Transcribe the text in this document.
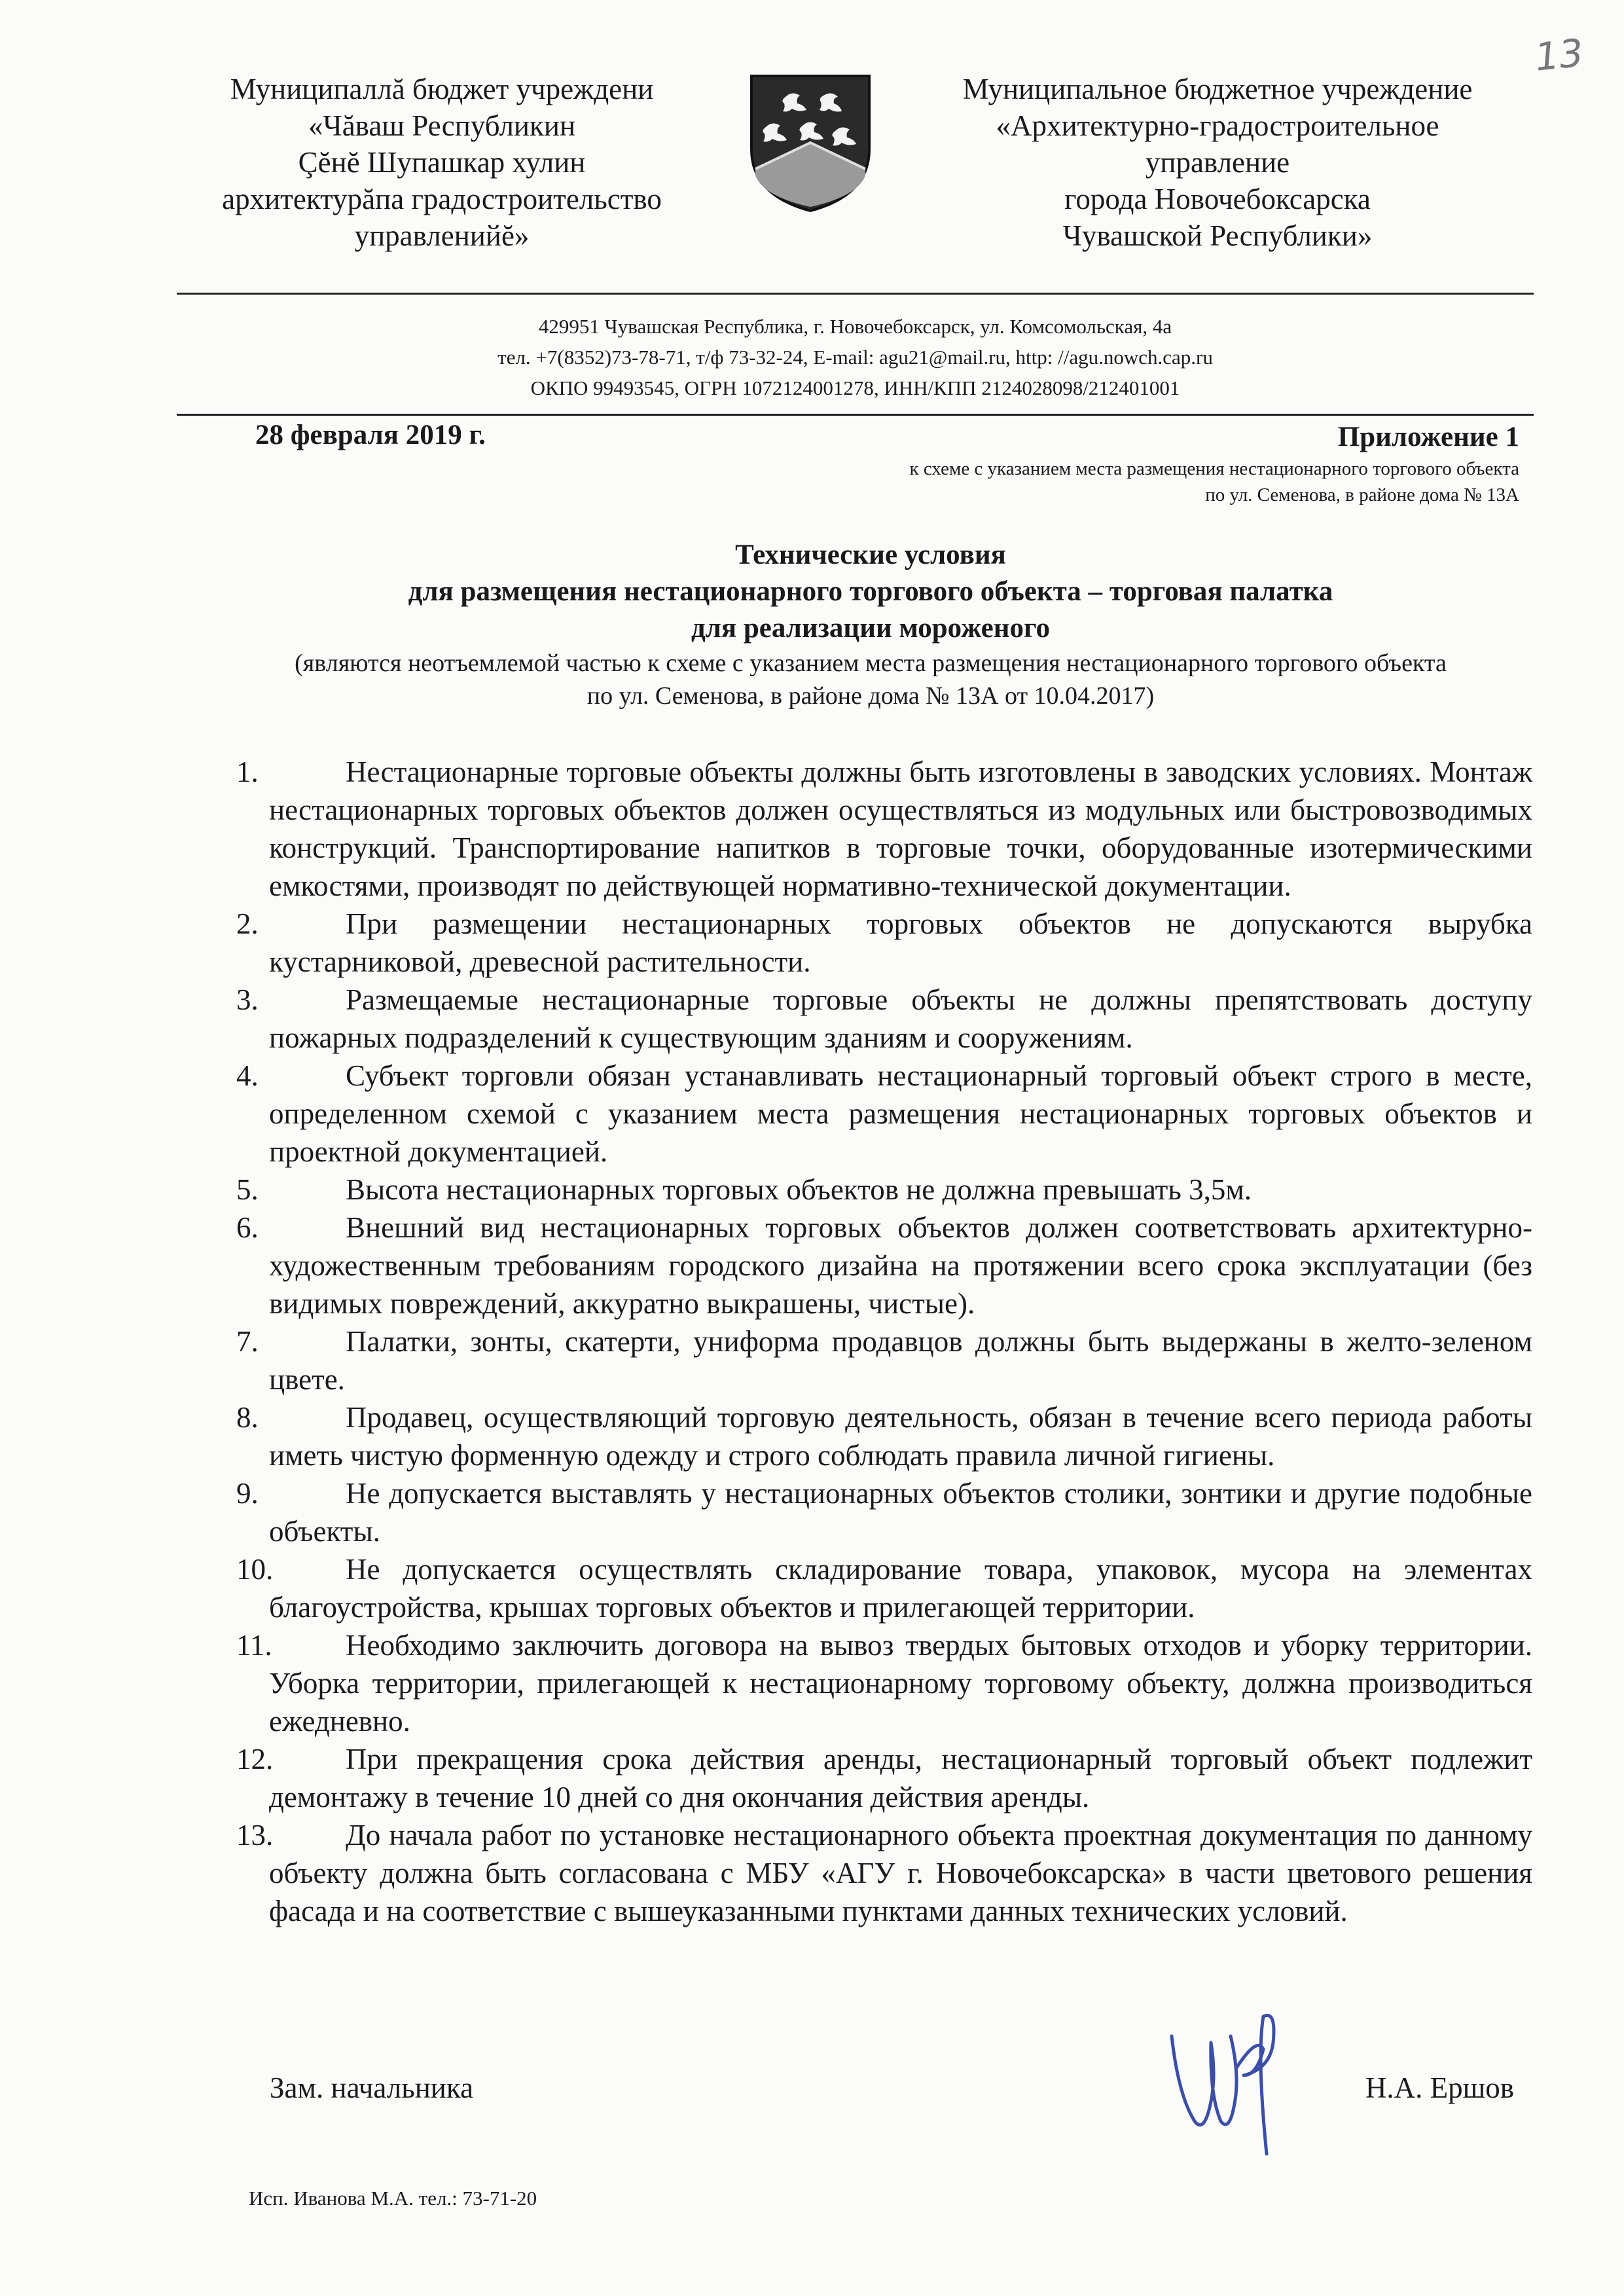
13
Муниципаллă бюджет учреждени
«Чăваш Республикин
Çĕнĕ Шупашкар хулин
архитектурăпа градостроительство
управленийĕ»
Муниципальное бюджетное учреждение
«Архитектурно-градостроительное
управление
города Новочебоксарска
Чувашской Республики»
429951 Чувашская Республика, г. Новочебоксарск, ул. Комсомольская, 4а
тел. +7(8352)73-78-71, т/ф 73-32-24, E-mail: agu21@mail.ru, http: //agu.nowch.cap.ru
ОКПО 99493545, ОГРН 1072124001278, ИНН/КПП 2124028098/212401001
28 февраля 2019 г.	Приложение 1
к схеме с указанием места размещения нестационарного торгового объекта
по ул. Семенова, в районе дома № 13А
Технические условия
для размещения нестационарного торгового объекта – торговая палатка
для реализации мороженого
(являются неотъемлемой частью к схеме с указанием места размещения нестационарного торгового объекта
по ул. Семенова, в районе дома № 13А от 10.04.2017)
1.	Нестационарные торговые объекты должны быть изготовлены в заводских условиях. Монтаж нестационарных торговых объектов должен осуществляться из модульных или быстровозводимых конструкций. Транспортирование напитков в торговые точки, оборудованные изотермическими емкостями, производят по действующей нормативно-технической документации.
2.	При размещении нестационарных торговых объектов не допускаются вырубка кустарниковой, древесной растительности.
3.	Размещаемые нестационарные торговые объекты не должны препятствовать доступу пожарных подразделений к существующим зданиям и сооружениям.
4.	Субъект торговли обязан устанавливать нестационарный торговый объект строго в месте, определенном схемой с указанием места размещения нестационарных торговых объектов и проектной документацией.
5.	Высота нестационарных торговых объектов не должна превышать 3,5м.
6.	Внешний вид нестационарных торговых объектов должен соответствовать архитектурно-художественным требованиям городского дизайна на протяжении всего срока эксплуатации (без видимых повреждений, аккуратно выкрашены, чистые).
7.	Палатки, зонты, скатерти, униформа продавцов должны быть выдержаны в желто-зеленом цвете.
8.	Продавец, осуществляющий торговую деятельность, обязан в течение всего периода работы иметь чистую форменную одежду и строго соблюдать правила личной гигиены.
9.	Не допускается выставлять у нестационарных объектов столики, зонтики и другие подобные объекты.
10.	Не допускается осуществлять складирование товара, упаковок, мусора на элементах благоустройства, крышах торговых объектов и прилегающей территории.
11.	Необходимо заключить договора на вывоз твердых бытовых отходов и уборку территории. Уборка территории, прилегающей к нестационарному торговому объекту, должна производиться ежедневно.
12.	При прекращения срока действия аренды, нестационарный торговый объект подлежит демонтажу в течение 10 дней со дня окончания действия аренды.
13.	До начала работ по установке нестационарного объекта проектная документация по данному объекту должна быть согласована с МБУ «АГУ г. Новочебоксарска» в части цветового решения фасада и на соответствие с вышеуказанными пунктами данных технических условий.
Зам. начальника	Н.А. Ершов
Исп. Иванова М.А. тел.: 73-71-20
